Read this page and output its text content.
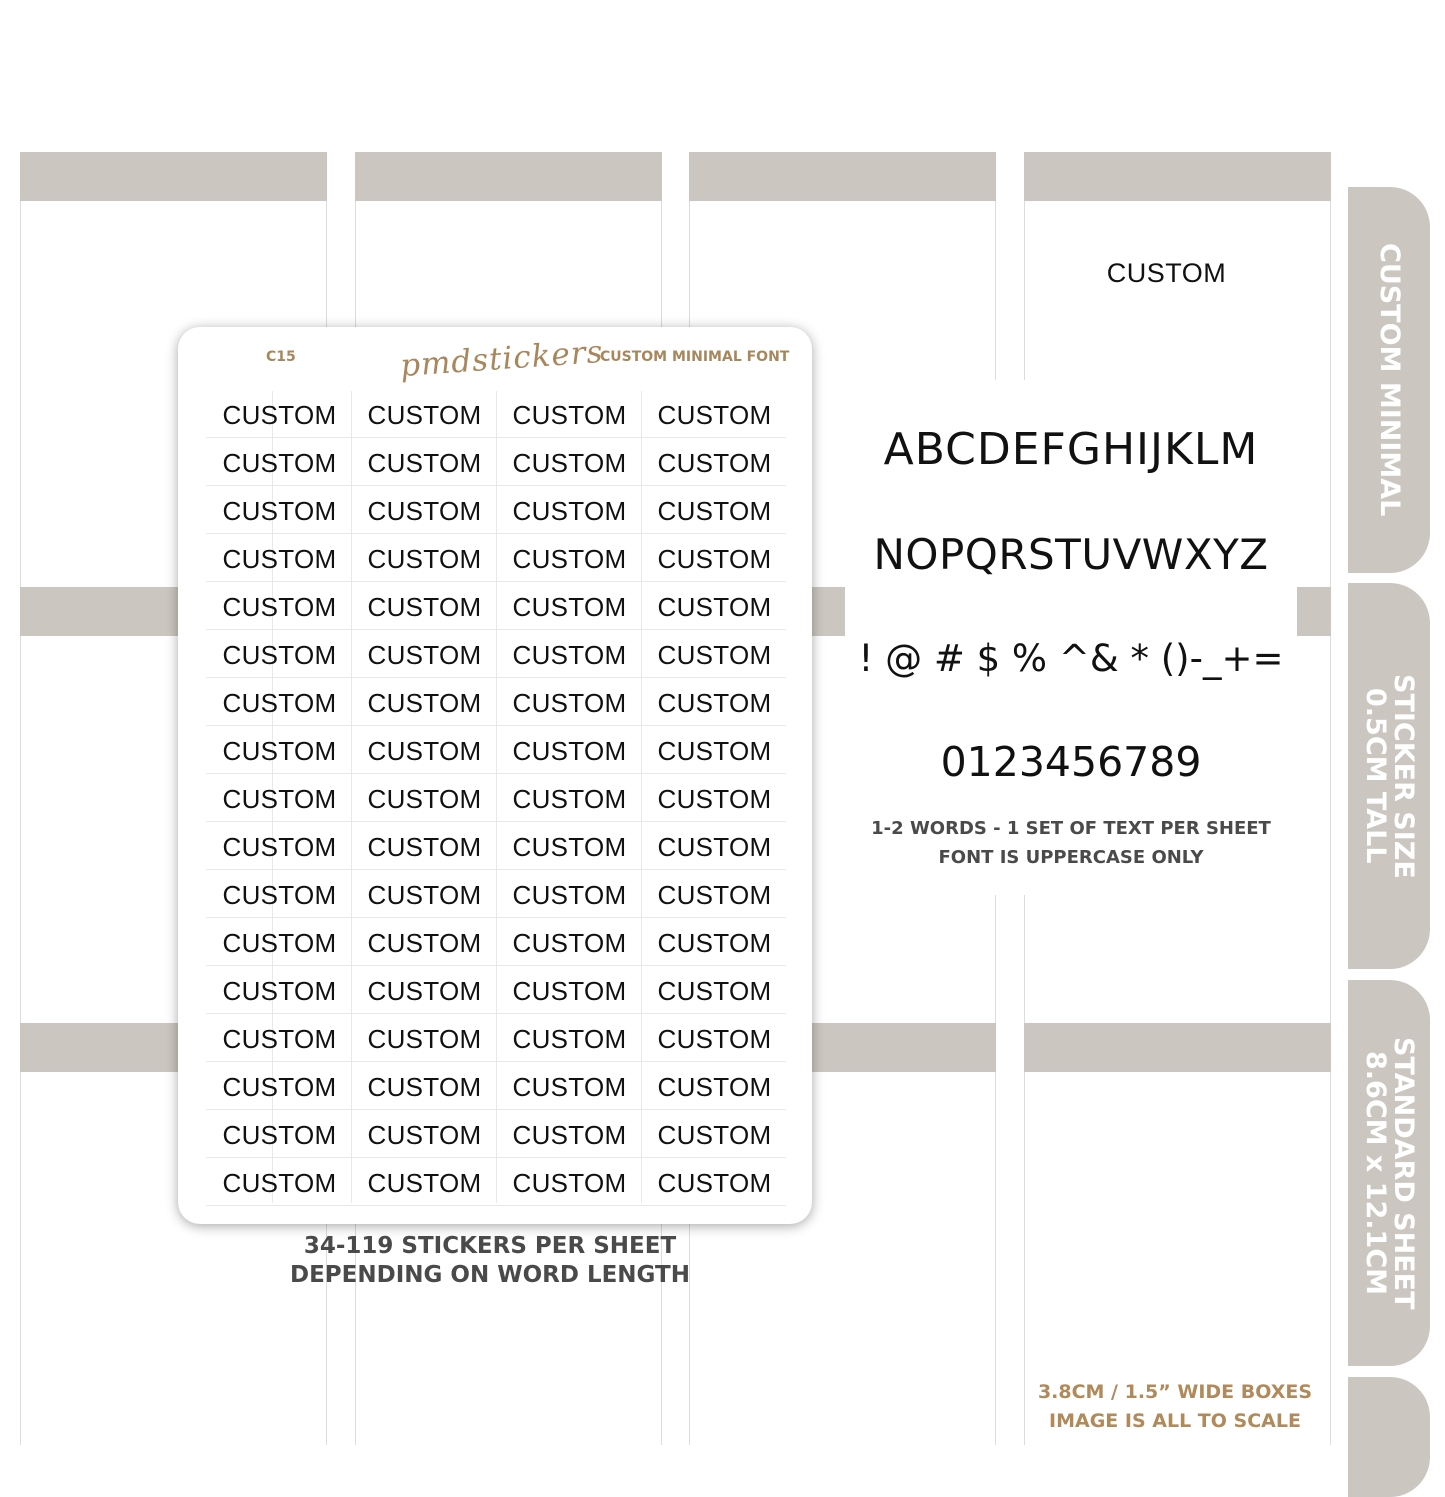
CUSTOM	CUSTOM MINIMAL
STICKER SIZE
0.5CM TALL
STANDARD SHEET
8.6CM x 12.1CM
C15	pmdstickers
CUSTOM MINIMAL FONT
CUSTOM	CUSTOM	CUSTOM	CUSTOM
CUSTOM	CUSTOM	CUSTOM	CUSTOM
CUSTOM	CUSTOM	CUSTOM	CUSTOM
CUSTOM	CUSTOM	CUSTOM	CUSTOM
CUSTOM	CUSTOM	CUSTOM	CUSTOM
CUSTOM	CUSTOM	CUSTOM	CUSTOM
CUSTOM	CUSTOM	CUSTOM	CUSTOM
CUSTOM	CUSTOM	CUSTOM	CUSTOM
CUSTOM	CUSTOM	CUSTOM	CUSTOM
CUSTOM	CUSTOM	CUSTOM	CUSTOM
CUSTOM	CUSTOM	CUSTOM	CUSTOM
CUSTOM	CUSTOM	CUSTOM	CUSTOM
CUSTOM	CUSTOM	CUSTOM	CUSTOM
CUSTOM	CUSTOM	CUSTOM	CUSTOM
CUSTOM	CUSTOM	CUSTOM	CUSTOM
CUSTOM	CUSTOM	CUSTOM	CUSTOM
CUSTOM	CUSTOM	CUSTOM	CUSTOM
34-119 STICKERS PER SHEET
DEPENDING ON WORD LENGTH
ABCDEFGHIJKLM
NOPQRSTUVWXYZ
! @ # $ % ^& * ()-_+=
0123456789
1-2 WORDS - 1 SET OF TEXT PER SHEET
FONT IS UPPERCASE ONLY
3.8CM / 1.5” WIDE BOXES
IMAGE IS ALL TO SCALE
